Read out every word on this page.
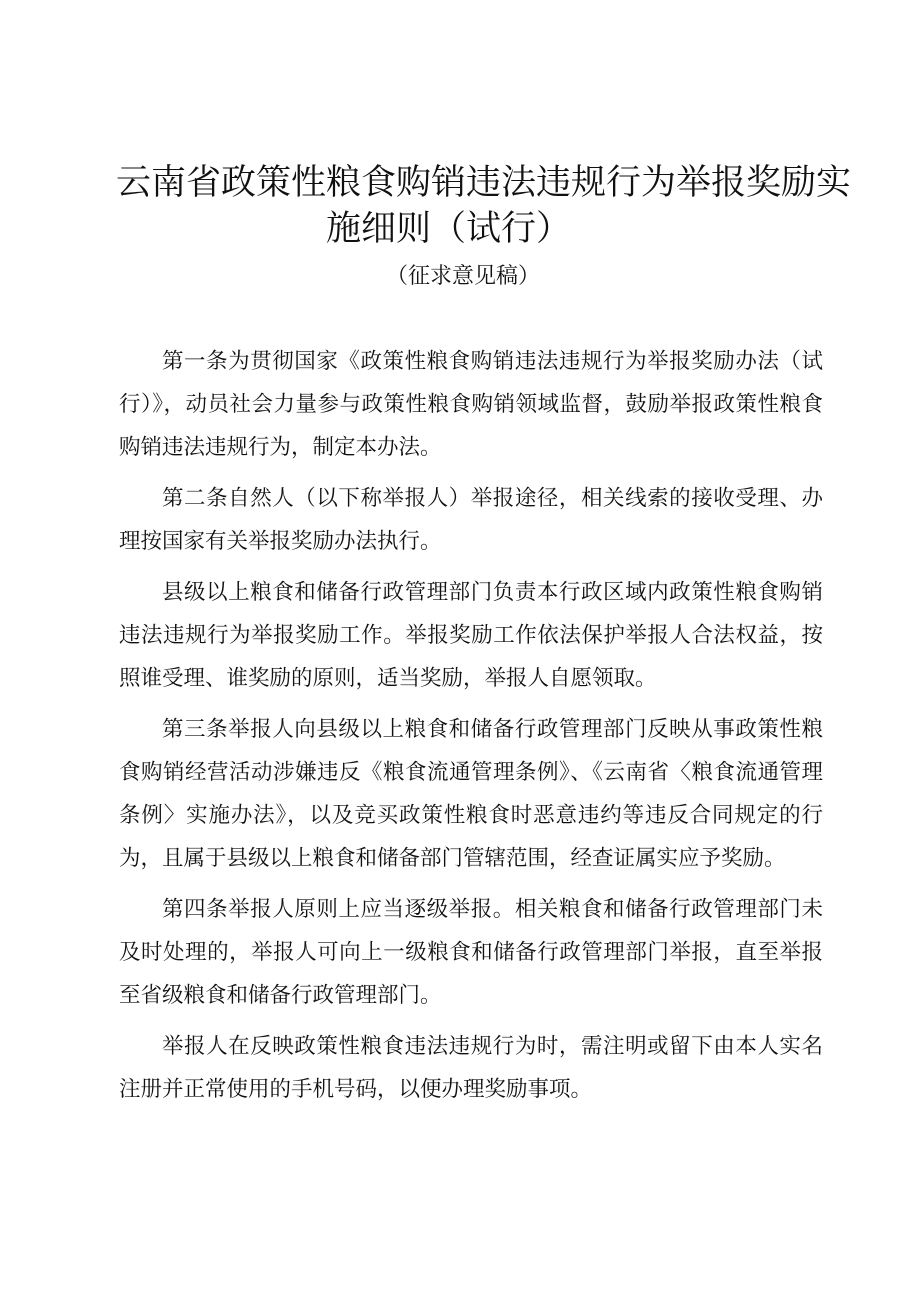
云南省政策性粮食购销违法违规行为举报奖励实
施细则（试行）

（征求意见稿）

第一条为贯彻国家《政策性粮食购销违法违规行为举报奖励办法（试行）》，动员社会力量参与政策性粮食购销领域监督，鼓励举报政策性粮食购销违法违规行为，制定本办法。

第二条自然人（以下称举报人）举报途径，相关线索的接收受理、办理按国家有关举报奖励办法执行。

县级以上粮食和储备行政管理部门负责本行政区域内政策性粮食购销违法违规行为举报奖励工作。举报奖励工作依法保护举报人合法权益，按照谁受理、谁奖励的原则，适当奖励，举报人自愿领取。

第三条举报人向县级以上粮食和储备行政管理部门反映从事政策性粮食购销经营活动涉嫌违反《粮食流通管理条例》、《云南省〈粮食流通管理条例〉实施办法》，以及竞买政策性粮食时恶意违约等违反合同规定的行为，且属于县级以上粮食和储备部门管辖范围，经查证属实应予奖励。

第四条举报人原则上应当逐级举报。相关粮食和储备行政管理部门未及时处理的，举报人可向上一级粮食和储备行政管理部门举报，直至举报至省级粮食和储备行政管理部门。

举报人在反映政策性粮食违法违规行为时，需注明或留下由本人实名注册并正常使用的手机号码，以便办理奖励事项。
